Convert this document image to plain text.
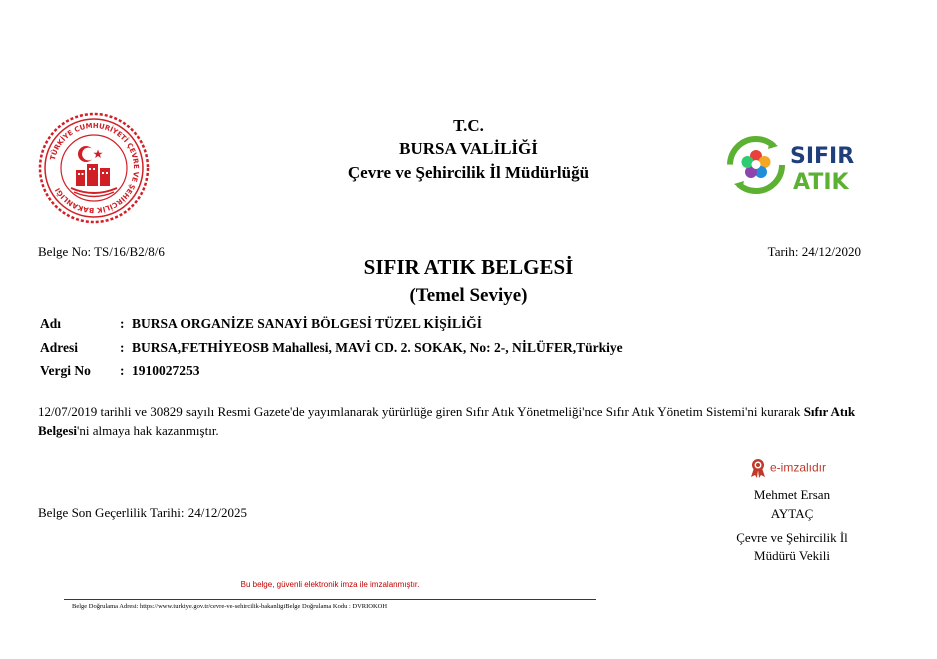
TÜRKİYE CUMHURİYETİ ÇEVRE VE ŞEHİRCİLİK BAKANLIĞI
T.C.
BURSA VALİLİĞİ
Çevre ve Şehircilik İl Müdürlüğü
SIFIR
ATIK
Belge No: TS/16/B2/8/6	Tarih: 24/12/2020
SIFIR ATIK BELGESİ
(Temel Seviye)
Adı	: BURSA ORGANİZE SANAYİ BÖLGESİ TÜZEL KİŞİLİĞİ
Adresi	: BURSA,FETHİYEOSB Mahallesi, MAVİ CD. 2. SOKAK, No: 2-, NİLÜFER,Türkiye
Vergi No : 1910027253
12/07/2019 tarihli ve 30829 sayılı Resmi Gazete'de yayımlanarak yürürlüğe giren Sıfır Atık Yönetmeliği'nce Sıfır Atık Yönetim Sistemi'ni kurarak Sıfır Atık Belgesi'ni almaya hak kazanmıştır.
e-imzalıdır
Mehmet Ersan
AYTAÇ
Çevre ve Şehircilik İl
Müdürü Vekili
Belge Son Geçerlilik Tarihi: 24/12/2025
Bu belge, güvenli elektronik imza ile imzalanmıştır.
Belge Doğrulama Adresi: https://www.turkiye.gov.tr/cevre-ve-sehircilik-bakanligiBelge Doğrulama Kodu : DVRIOKOH
